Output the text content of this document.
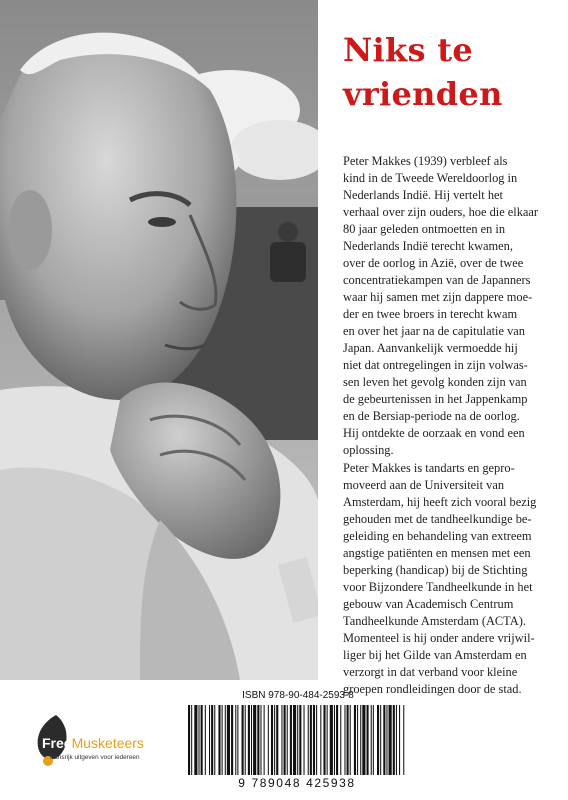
Niks te
vrienden

Peter Makkes (1939) verbleef als
kind in de Tweede Wereldoorlog in
Nederlands Indië. Hij vertelt het
verhaal over zijn ouders, hoe die elkaar
80 jaar geleden ontmoetten en in
Nederlands Indië terecht kwamen,
over de oorlog in Azië, over de twee
concentratiekampen van de Japanners
waar hij samen met zijn dappere moe-
der en twee broers in terecht kwam
en over het jaar na de capitulatie van
Japan. Aanvankelijk vermoedde hij
niet dat ontregelingen in zijn volwas-
sen leven het gevolg konden zijn van
de gebeurtenissen in het Jappenkamp
en de Bersiap-periode na de oorlog.
Hij ontdekte de oorzaak en vond een
oplossing.

Peter Makkes is tandarts en gepro-
moveerd aan de Universiteit van
Amsterdam, hij heeft zich vooral bezig
gehouden met de tandheelkundige be-
geleiding en behandeling van extreem
angstige patiënten en mensen met een
beperking (handicap) bij de Stichting
voor Bijzondere Tandheelkunde in het
gebouw van Academisch Centrum
Tandheelkunde Amsterdam (ACTA).
Momenteel is hij onder andere vrijwil-
liger bij het Gilde van Amsterdam en
verzorgt in dat verband voor kleine
groepen rondleidingen door de stad.

FreeMusketeers
Kansrijk uitgeven voor iedereen
ISBN 978-90-484-2593-8
9 789048 425938
